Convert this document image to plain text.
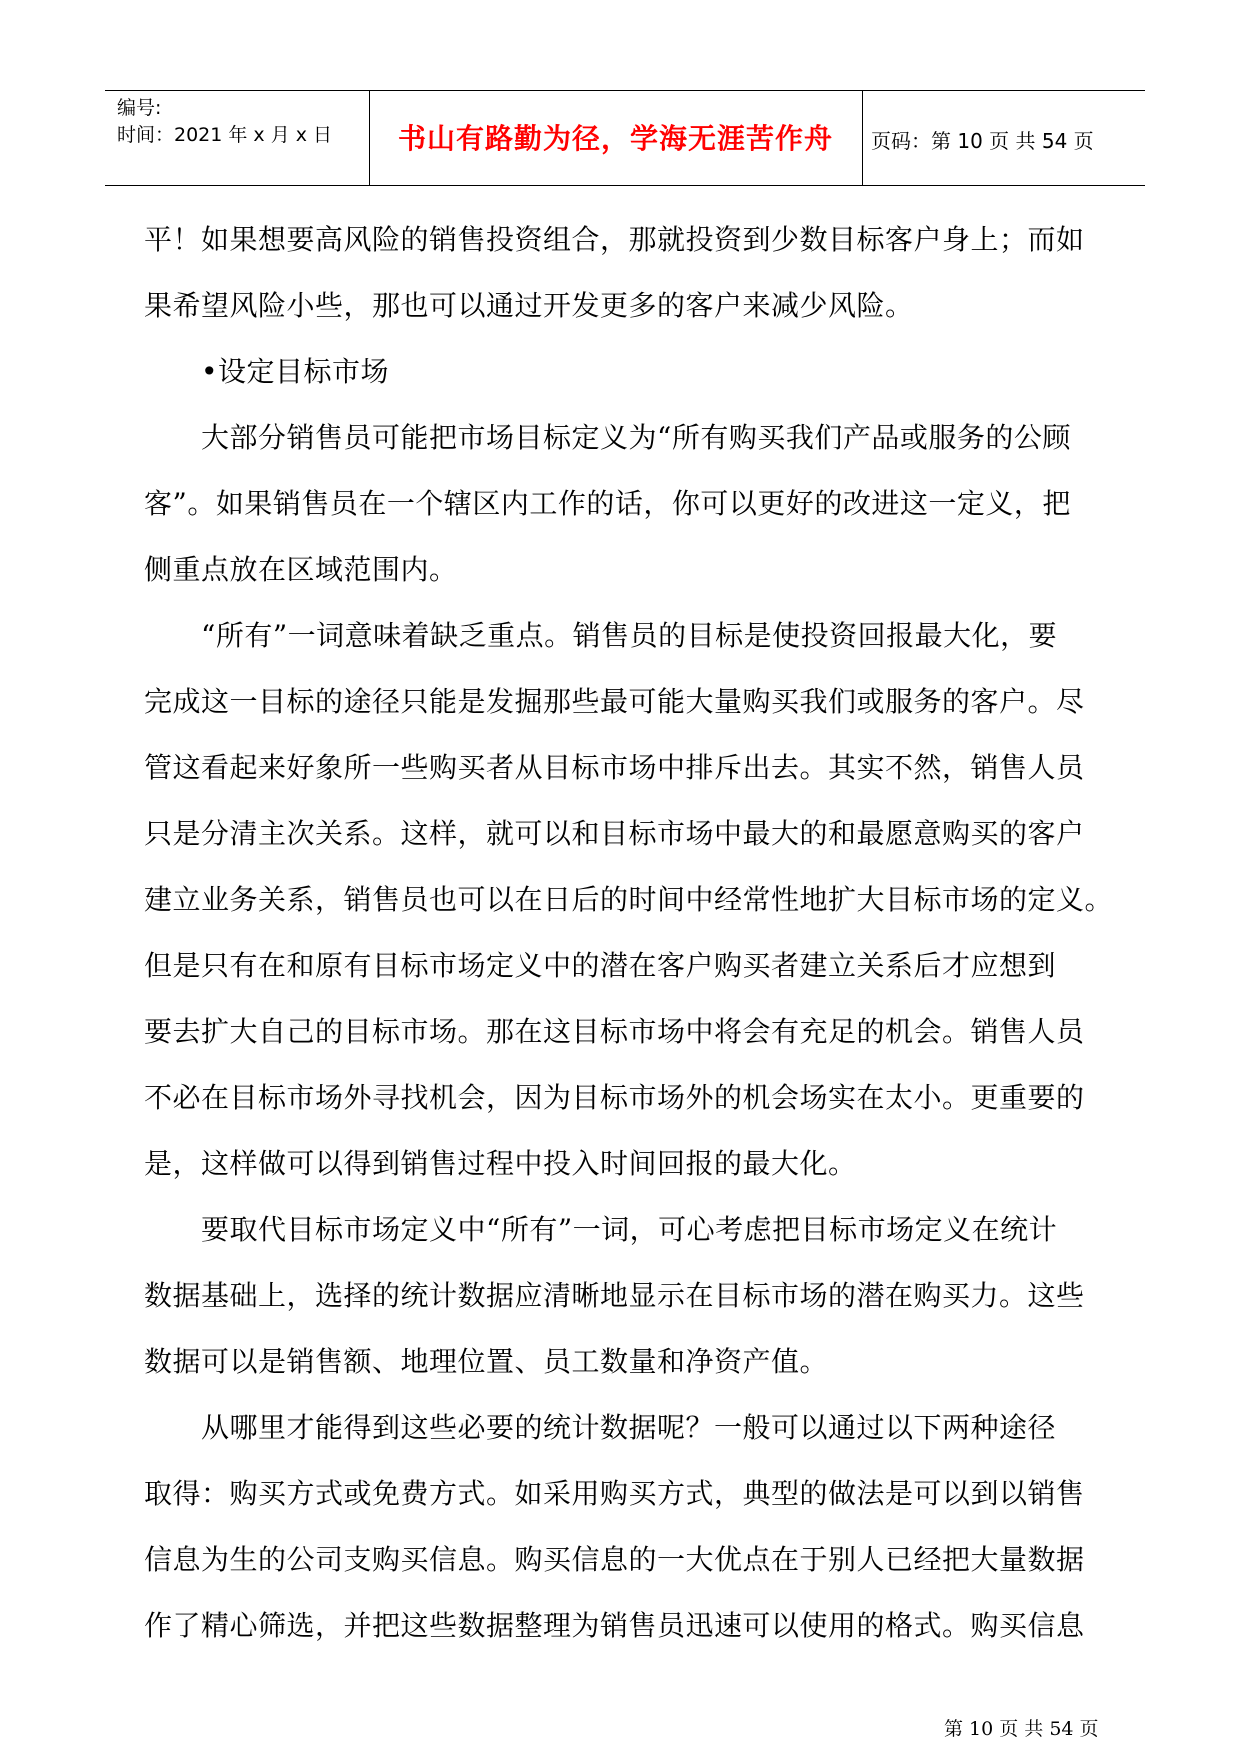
编号:
时间：2021 年 x 月 x 日	书山有路勤为径，学海无涯苦作舟	页码：第 10 页 共 54 页
平！如果想要高风险的销售投资组合，那就投资到少数目标客户身上；而如
果希望风险小些，那也可以通过开发更多的客户来减少风险。
　　•设定目标市场
　　大部分销售员可能把市场目标定义为“所有购买我们产品或服务的公顾
客”。如果销售员在一个辖区内工作的话，你可以更好的改进这一定义，把
侧重点放在区域范围内。
　　“所有”一词意味着缺乏重点。销售员的目标是使投资回报最大化，要
完成这一目标的途径只能是发掘那些最可能大量购买我们或服务的客户。尽
管这看起来好象所一些购买者从目标市场中排斥出去。其实不然，销售人员
只是分清主次关系。这样，就可以和目标市场中最大的和最愿意购买的客户
建立业务关系，销售员也可以在日后的时间中经常性地扩大目标市场的定义。
但是只有在和原有目标市场定义中的潜在客户购买者建立关系后才应想到
要去扩大自己的目标市场。那在这目标市场中将会有充足的机会。销售人员
不必在目标市场外寻找机会，因为目标市场外的机会场实在太小。更重要的
是，这样做可以得到销售过程中投入时间回报的最大化。
　　要取代目标市场定义中“所有”一词，可心考虑把目标市场定义在统计
数据基础上，选择的统计数据应清晰地显示在目标市场的潜在购买力。这些
数据可以是销售额、地理位置、员工数量和净资产值。
　　从哪里才能得到这些必要的统计数据呢？一般可以通过以下两种途径
取得：购买方式或免费方式。如采用购买方式，典型的做法是可以到以销售
信息为生的公司支购买信息。购买信息的一大优点在于别人已经把大量数据
作了精心筛选，并把这些数据整理为销售员迅速可以使用的格式。购买信息
第 10 页 共 54 页
